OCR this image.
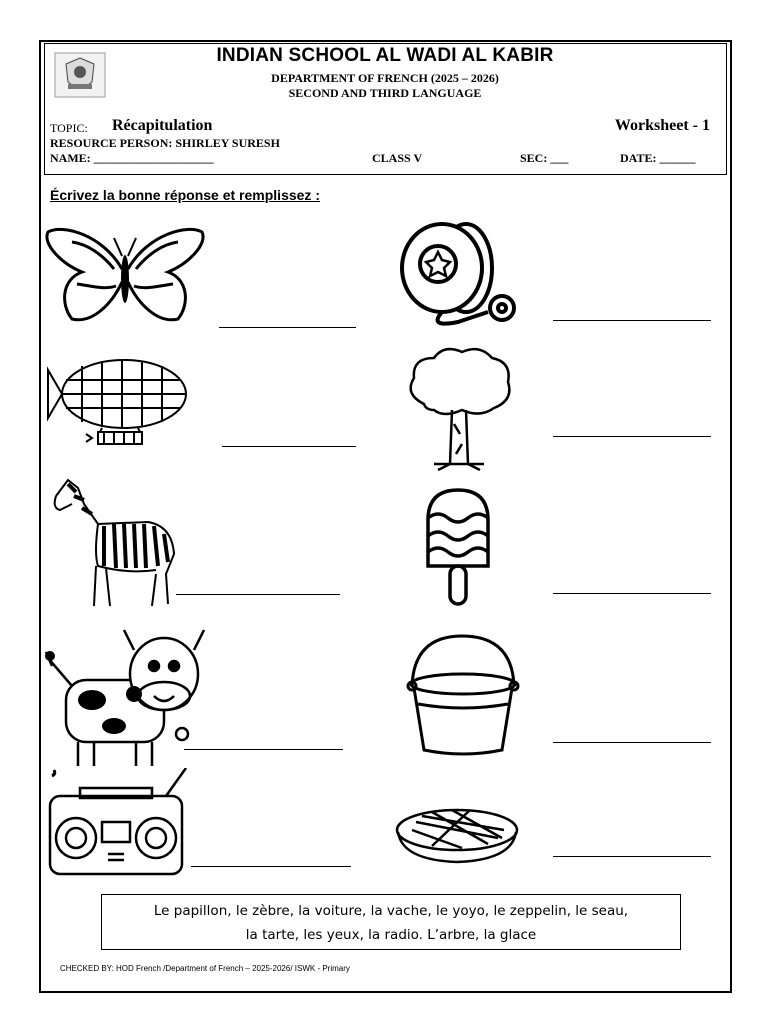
INDIAN SCHOOL AL WADI AL KABIR
DEPARTMENT OF FRENCH (2025 – 2026)
SECOND AND THIRD LANGUAGE
TOPIC: Récapitulation	Worksheet - 1
RESOURCE PERSON: SHIRLEY SURESH
NAME: ____________________	CLASS V	SEC: ___	DATE: ______
Écrivez la bonne réponse et remplissez :
Le papillon, le zèbre, la voiture, la vache, le yoyo, le zeppelin, le seau,
la tarte, les yeux, la radio. L’arbre, la glace
CHECKED BY: HOD French /Department of French – 2025-2026/ ISWK - Primary
